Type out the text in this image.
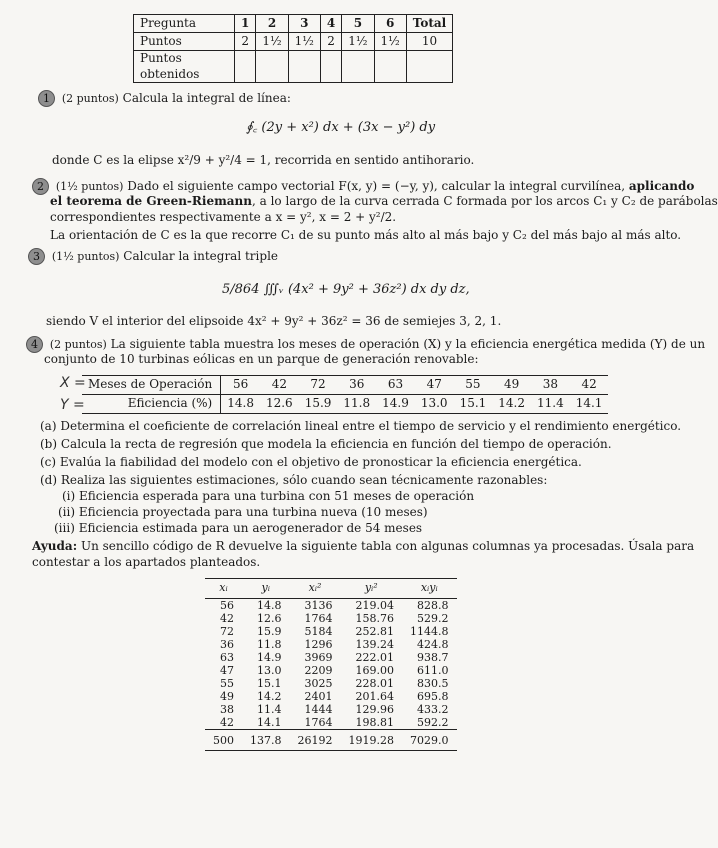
Pregunta	1	2	3	4	5	6	Total
Puntos	2	1½	1½	2	1½	1½	10
Puntos obtenidos							
1 (2 puntos) Calcula la integral de línea:
∮꜀ (2y + x²) dx + (3x − y²) dy
donde C es la elipse x²/9 + y²/4 = 1, recorrida en sentido antihorario.
2 (1½ puntos) Dado el siguiente campo vectorial F(x, y) = (−y, y), calcular la integral curvilínea, aplicando
el teorema de Green-Riemann, a lo largo de la curva cerrada C formada por los arcos C₁ y C₂ de parábolas
correspondientes respectivamente a x = y², x = 2 + y²/2.
La orientación de C es la que recorre C₁ de su punto más alto al más bajo y C₂ del más bajo al más alto.
3 (1½ puntos) Calcular la integral triple
5/864 ∭ᵥ (4x² + 9y² + 36z²) dx dy dz,
siendo V el interior del elipsoide 4x² + 9y² + 36z² = 36 de semiejes 3, 2, 1.
4 (2 puntos) La siguiente tabla muestra los meses de operación (X) y la eficiencia energética medida (Y) de un
conjunto de 10 turbinas eólicas en un parque de generación renovable:
X =
Y =
Meses de Operación	56	42	72	36	63	47	55	49	38	42
Eficiencia (%)	14.8	12.6	15.9	11.8	14.9	13.0	15.1	14.2	11.4	14.1
(a) Determina el coeficiente de correlación lineal entre el tiempo de servicio y el rendimiento energético.
(b) Calcula la recta de regresión que modela la eficiencia en función del tiempo de operación.
(c) Evalúa la fiabilidad del modelo con el objetivo de pronosticar la eficiencia energética.
(d) Realiza las siguientes estimaciones, sólo cuando sean técnicamente razonables:
(i) Eficiencia esperada para una turbina con 51 meses de operación
(ii) Eficiencia proyectada para una turbina nueva (10 meses)
(iii) Eficiencia estimada para un aerogenerador de 54 meses
Ayuda: Un sencillo código de R devuelve la siguiente tabla con algunas columnas ya procesadas. Úsala para
contestar a los apartados planteados.
xᵢ	yᵢ	xᵢ²	yᵢ²	xᵢyᵢ
56	14.8	3136	219.04	828.8
42	12.6	1764	158.76	529.2
72	15.9	5184	252.81	1144.8
36	11.8	1296	139.24	424.8
63	14.9	3969	222.01	938.7
47	13.0	2209	169.00	611.0
55	15.1	3025	228.01	830.5
49	14.2	2401	201.64	695.8
38	11.4	1444	129.96	433.2
42	14.1	1764	198.81	592.2
500	137.8	26192	1919.28	7029.0
